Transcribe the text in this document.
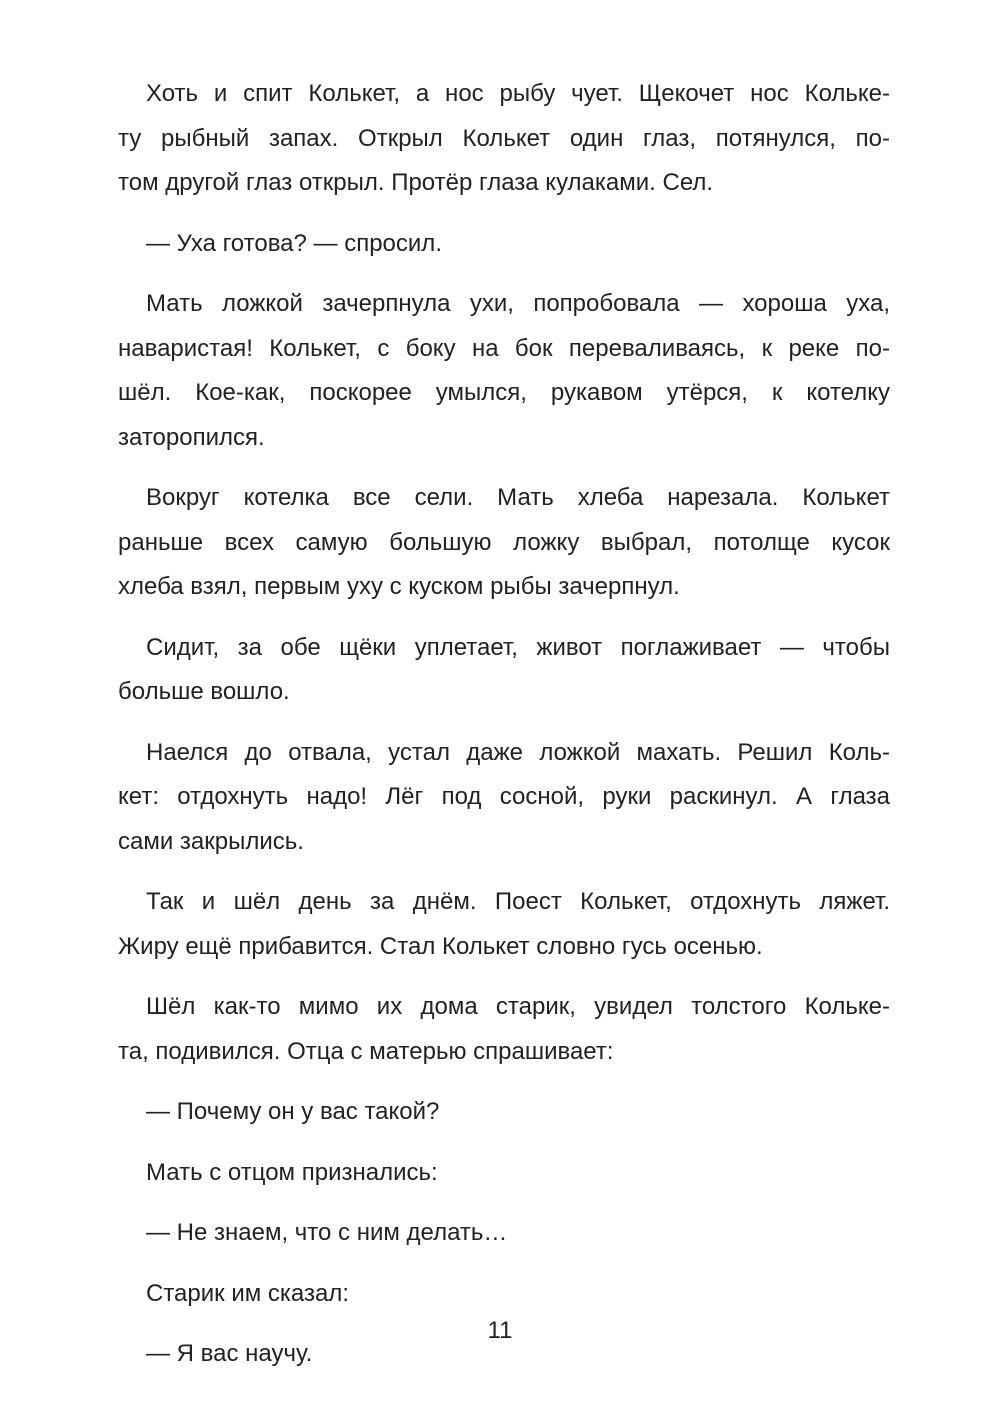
Хоть и спит Колькет, а нос рыбу чует. Щекочет нос Кольке-
ту рыбный запах. Открыл Колькет один глаз, потянулся, по-
том другой глаз открыл. Протёр глаза кулаками. Сел.

— Уха готова? — спросил.

Мать ложкой зачерпнула ухи, попробовала — хороша уха,
наваристая! Колькет, с боку на бок переваливаясь, к реке по-
шёл. Кое-как, поскорее умылся, рукавом утёрся, к котелку
заторопился.

Вокруг котелка все сели. Мать хлеба нарезала. Колькет
раньше всех самую большую ложку выбрал, потолще кусок
хлеба взял, первым уху с куском рыбы зачерпнул.

Сидит, за обе щёки уплетает, живот поглаживает — чтобы
больше вошло.

Наелся до отвала, устал даже ложкой махать. Решил Коль-
кет: отдохнуть надо! Лёг под сосной, руки раскинул. А глаза
сами закрылись.

Так и шёл день за днём. Поест Колькет, отдохнуть ляжет.
Жиру ещё прибавится. Стал Колькет словно гусь осенью.

Шёл как-то мимо их дома старик, увидел толстого Кольке-
та, подивился. Отца с матерью спрашивает:

— Почему он у вас такой?

Мать с отцом признались:

— Не знаем, что с ним делать…

Старик им сказал:

— Я вас научу.

11
